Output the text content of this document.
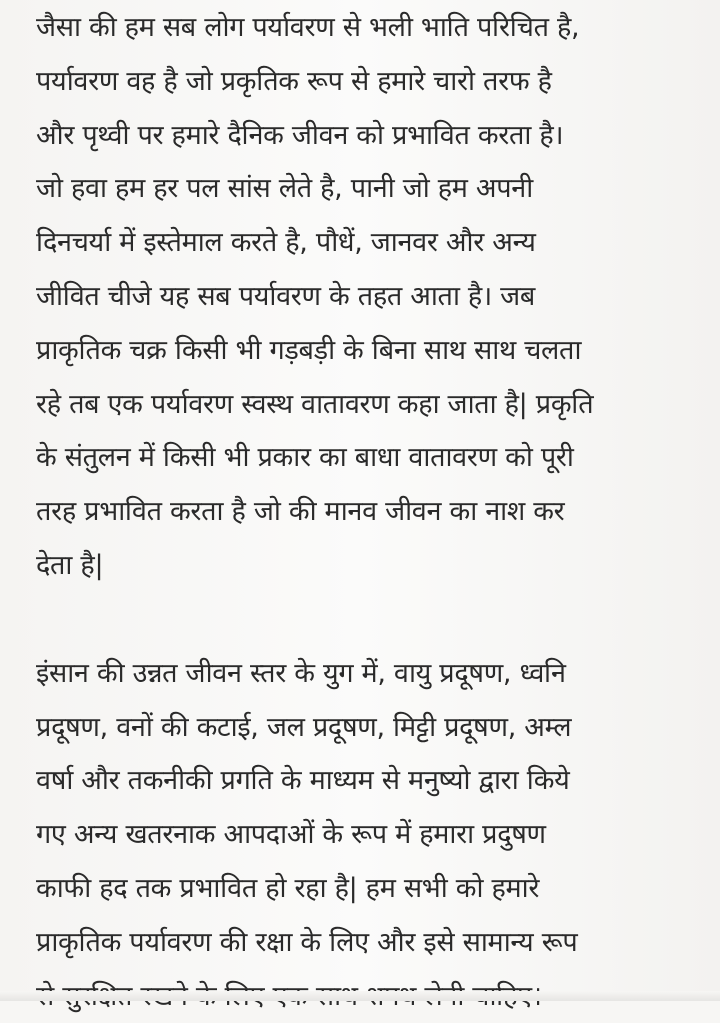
जैसा की हम सब लोग पर्यावरण से भली भाति परिचित है,
पर्यावरण वह है जो प्रकृतिक रूप से हमारे चारो तरफ है
और पृथ्वी पर हमारे दैनिक जीवन को प्रभावित करता है।
जो हवा हम हर पल सांस लेते है, पानी जो हम अपनी
दिनचर्या में इस्तेमाल करते है, पौधें, जानवर और अन्य
जीवित चीजे यह सब पर्यावरण के तहत आता है। जब
प्राकृतिक चक्र किसी भी गड़बड़ी के बिना साथ साथ चलता
रहे तब एक पर्यावरण स्वस्थ वातावरण कहा जाता है| प्रकृति
के संतुलन में किसी भी प्रकार का बाधा वातावरण को पूरी
तरह प्रभावित करता है जो की मानव जीवन का नाश कर
देता है|
इंसान की उन्नत जीवन स्तर के युग में, वायु प्रदूषण, ध्वनि
प्रदूषण, वनों की कटाई, जल प्रदूषण, मिट्टी प्रदूषण, अम्ल
वर्षा और तकनीकी प्रगति के माध्यम से मनुष्यो द्वारा किये
गए अन्य खतरनाक आपदाओं के रूप में हमारा प्रदुषण
काफी हद तक प्रभावित हो रहा है| हम सभी को हमारे
प्राकृतिक पर्यावरण की रक्षा के लिए और इसे सामान्य रूप
